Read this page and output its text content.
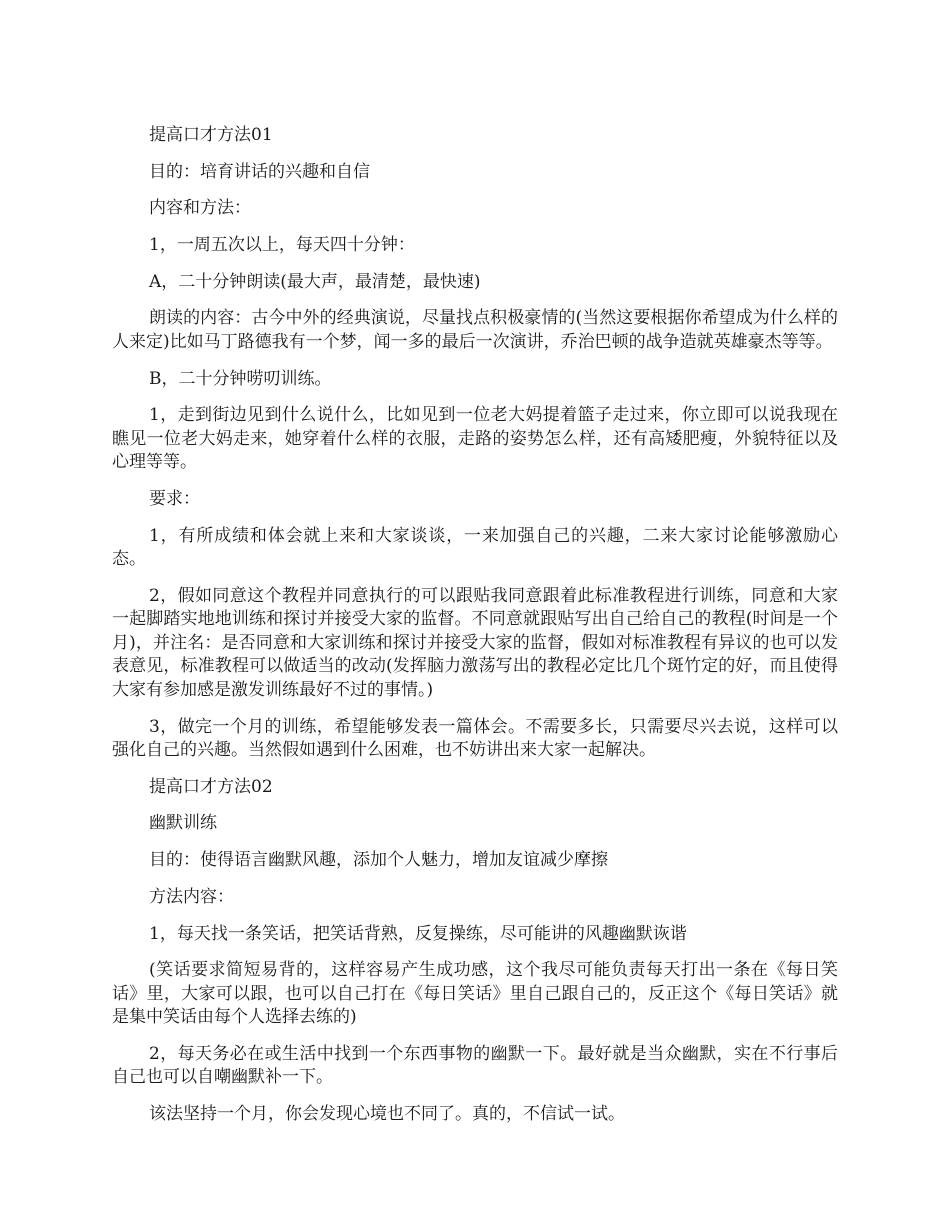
提高口才方法01

目的：培育讲话的兴趣和自信

内容和方法：

1，一周五次以上，每天四十分钟：

A，二十分钟朗读(最大声，最清楚，最快速)

朗读的内容：古今中外的经典演说，尽量找点积极豪情的(当然这要根据你希望成为什么样的人来定)比如马丁路德我有一个梦，闻一多的最后一次演讲，乔治巴顿的战争造就英雄豪杰等等。

B，二十分钟唠叨训练。

1，走到街边见到什么说什么，比如见到一位老大妈提着篮子走过来，你立即可以说我现在瞧见一位老大妈走来，她穿着什么样的衣服，走路的姿势怎么样，还有高矮肥瘦，外貌特征以及心理等等。

要求：

1，有所成绩和体会就上来和大家谈谈，一来加强自己的兴趣，二来大家讨论能够激励心态。

2，假如同意这个教程并同意执行的可以跟贴我同意跟着此标准教程进行训练，同意和大家一起脚踏实地地训练和探讨并接受大家的监督。不同意就跟贴写出自己给自己的教程(时间是一个月)，并注名：是否同意和大家训练和探讨并接受大家的监督，假如对标准教程有异议的也可以发表意见，标准教程可以做适当的改动(发挥脑力激荡写出的教程必定比几个斑竹定的好，而且使得大家有参加感是激发训练最好不过的事情。)

3，做完一个月的训练，希望能够发表一篇体会。不需要多长，只需要尽兴去说，这样可以强化自己的兴趣。当然假如遇到什么困难，也不妨讲出来大家一起解决。

提高口才方法02

幽默训练

目的：使得语言幽默风趣，添加个人魅力，增加友谊减少摩擦

方法内容：

1，每天找一条笑话，把笑话背熟，反复操练，尽可能讲的风趣幽默诙谐

(笑话要求简短易背的，这样容易产生成功感，这个我尽可能负责每天打出一条在《每日笑话》里，大家可以跟，也可以自己打在《每日笑话》里自己跟自己的，反正这个《每日笑话》就是集中笑话由每个人选择去练的)

2，每天务必在或生活中找到一个东西事物的幽默一下。最好就是当众幽默，实在不行事后自己也可以自嘲幽默补一下。

该法坚持一个月，你会发现心境也不同了。真的，不信试一试。
